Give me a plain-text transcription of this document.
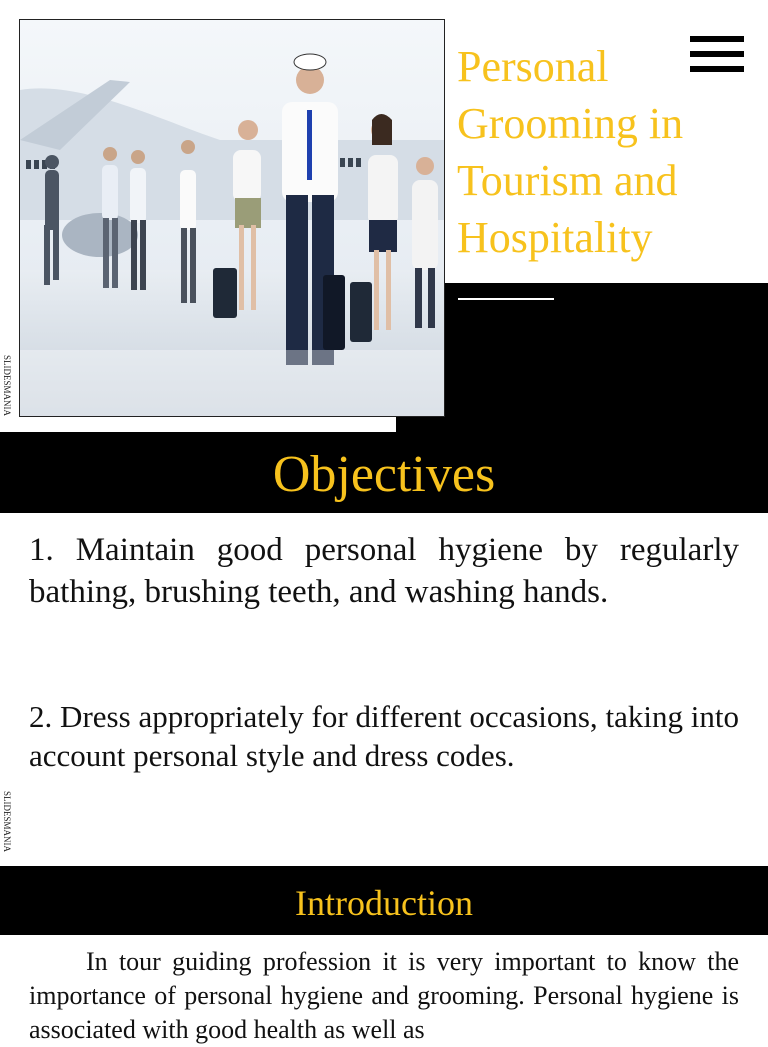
Personal
Grooming in
Tourism and
Hospitality
SLIDESMANIA
Objectives
1. Maintain good personal hygiene by regularly bathing, brushing teeth, and washing hands.
2. Dress appropriately for different occasions, taking into account personal style and dress codes.
SLIDESMANIA
Introduction
In tour guiding profession it is very important to know the importance of personal hygiene and grooming. Personal hygiene is associated with good health as well as
